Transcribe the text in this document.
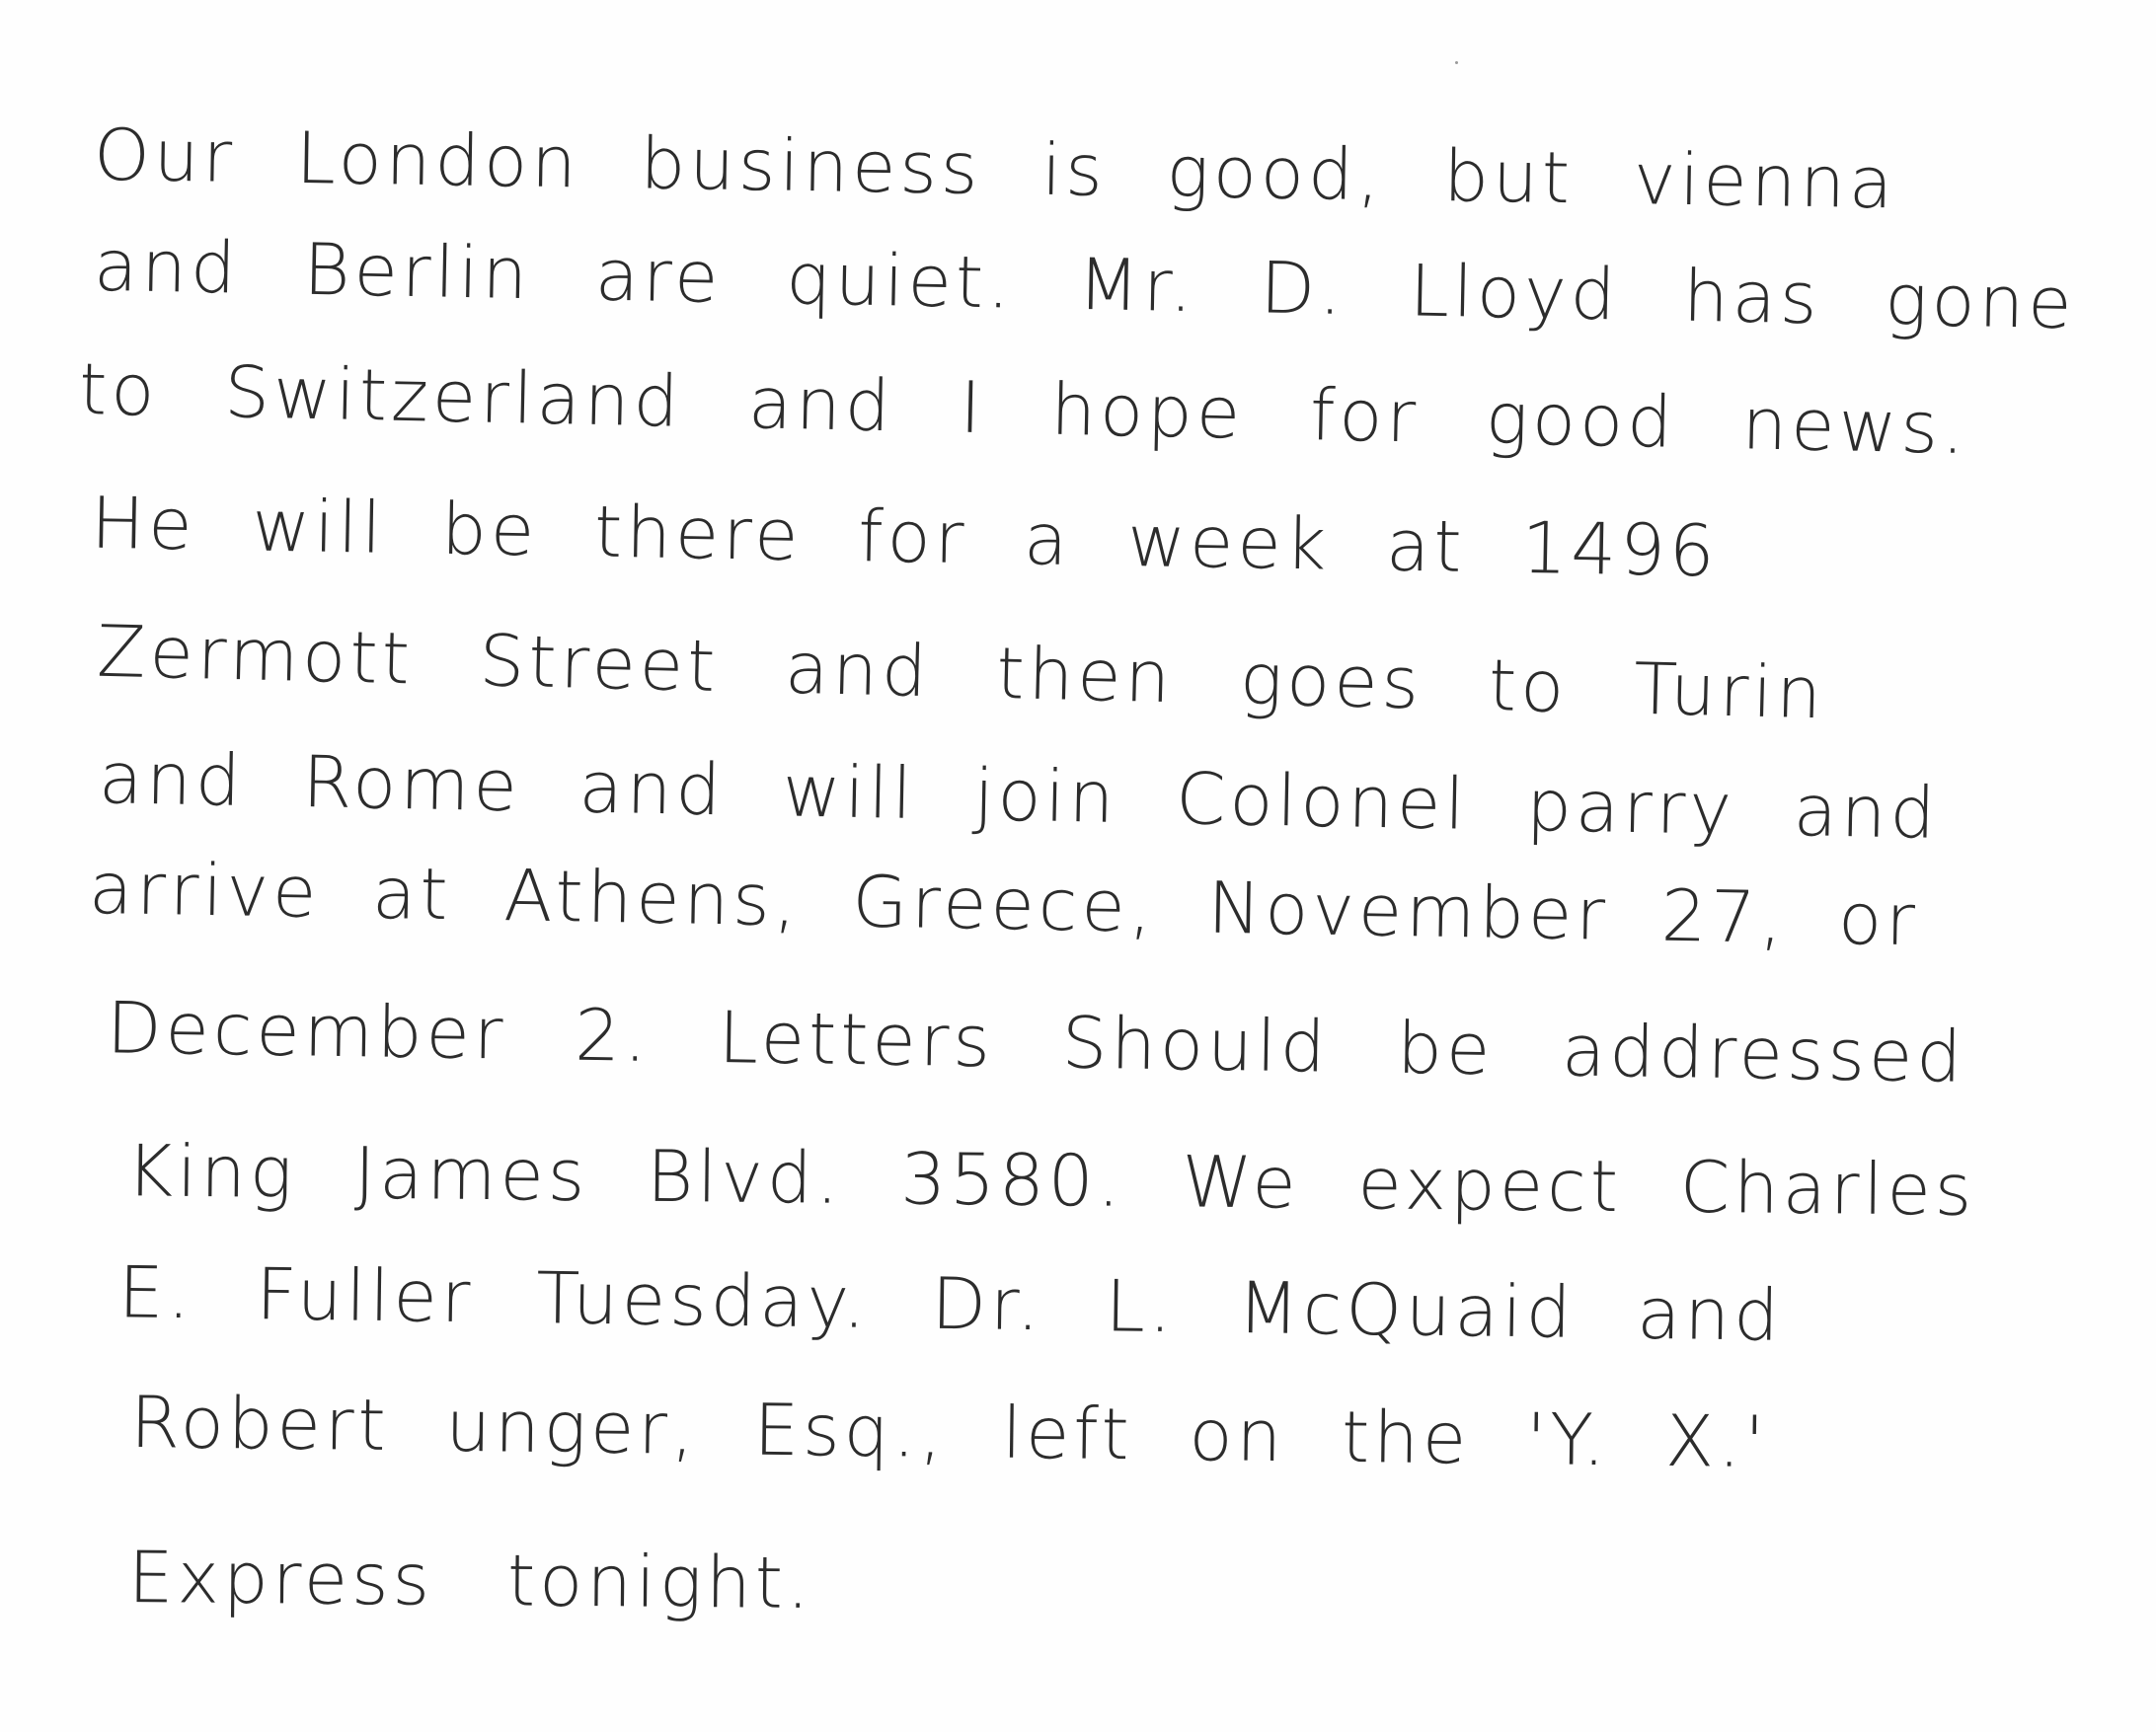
Our London business is good, but vienna
and Berlin are quiet. Mr. D. Lloyd has gone
to Switzerland and I hope for good news.
He will be there for a week at 1496
Zermott Street and then goes to Turin
and Rome and will join Colonel parry and
arrive at Athens, Greece, November 27, or
December 2. Letters Should be addressed
King James Blvd. 3580. We expect Charles
E. Fuller Tuesday. Dr. L. McQuaid and
Robert unger, Esq., left on the 'Y. X.'
Express tonight.
